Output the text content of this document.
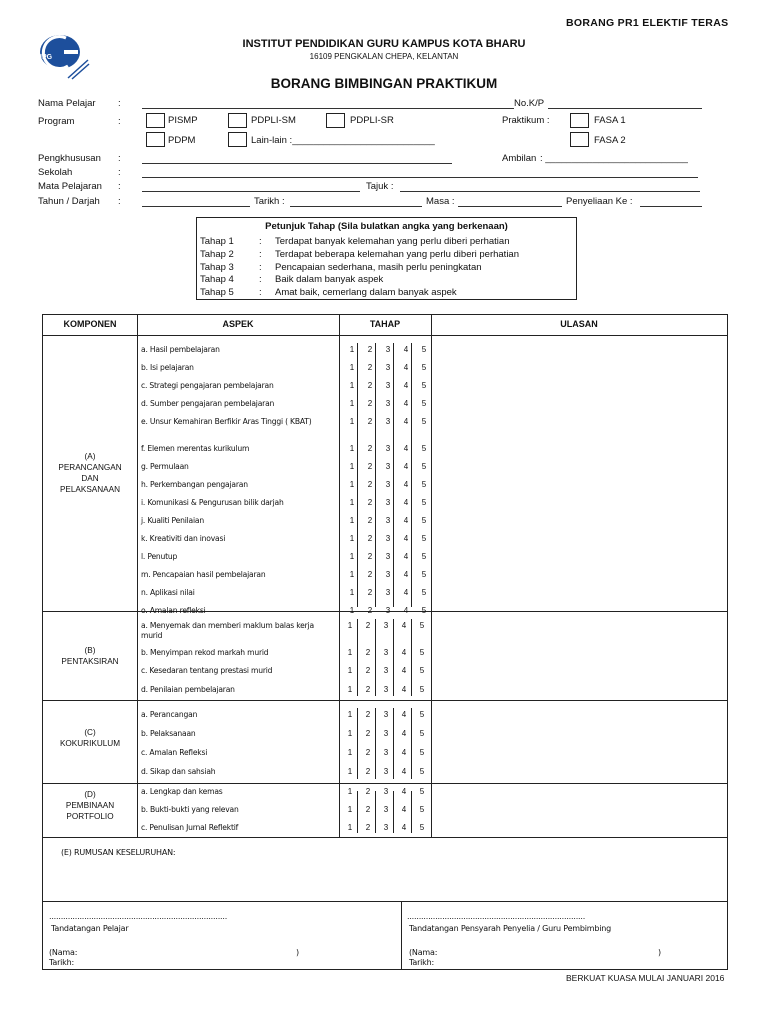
BORANG PR1 ELEKTIF TERAS
IPG
INSTITUT PENDIDIKAN GURU KAMPUS KOTA BHARU
16109 PENGKALAN CHEPA, KELANTAN
BORANG BIMBINGAN PRAKTIKUM
Nama Pelajar :	No.K/P
Program	:	PISMP	PDPLI-SM	PDPLI-SR	Praktikum :	FASA 1
PDPM	Lain-lain :___________________________	FASA 2
Pengkhususan :	Ambilan : ___________________________
Sekolah	:
Mata Pelajaran :	Tajuk :
Tahun / Darjah :	Tarikh :	Masa :	Penyeliaan Ke :
Petunjuk Tahap (Sila bulatkan angka yang berkenaan)
Tahap 1	: Terdapat banyak kelemahan yang perlu diberi perhatian
Tahap 2	: Terdapat beberapa kelemahan yang perlu diberi perhatian
Tahap 3	: Pencapaian sederhana, masih perlu peningkatan
Tahap 4	: Baik dalam banyak aspek
Tahap 5	: Amat baik, cemerlang dalam banyak aspek
KOMPONEN	ASPEK	TAHAP	ULASAN
(A)
PERANCANGAN
DAN
PELAKSANAAN
a. Hasil pembelajaran	1	2	3	4	5
b. Isi pelajaran	1	2	3	4	5
c. Strategi pengajaran pembelajaran	1	2	3	4	5
d. Sumber pengajaran pembelajaran	1	2	3	4	5
e. Unsur Kemahiran Berfikir Aras Tinggi ( KBAT)	1	2	3	4	5
f. Elemen merentas kurikulum	1	2	3	4	5
g. Permulaan	1	2	3	4	5
h. Perkembangan pengajaran	1	2	3	4	5
i. Komunikasi & Pengurusan bilik darjah	1	2	3	4	5
j. Kualiti Penilaian	1	2	3	4	5
k. Kreativiti dan inovasi	1	2	3	4	5
l. Penutup	1	2	3	4	5
m. Pencapaian hasil pembelajaran	1	2	3	4	5
n. Aplikasi nilai	1	2	3	4	5
o. Amalan refleksi	1	2	3	4	5
(B)
PENTAKSIRAN
a. Menyemak dan memberi maklum balas kerja murid
1	2	3	4	5
b. Menyimpan rekod markah murid	1	2	3	4	5
c. Kesedaran tentang prestasi murid	1	2	3	4	5
d. Penilaian pembelajaran	1	2	3	4	5
(C)
KOKURIKULUM
a. Perancangan	1	2	3	4	5
b. Pelaksanaan	1	2	3	4	5
c. Amalan Refleksi	1	2	3	4	5
d. Sikap dan sahsiah	1	2	3	4	5
(D)
PEMBINAAN
PORTFOLIO
a. Lengkap dan kemas	1	2	3	4	5
b. Bukti-bukti yang relevan	1	2	3	4	5
c. Penulisan Jurnal Reflektif	1	2	3	4	5
(E) RUMUSAN KESELURUHAN:
............................................................................
Tandatangan Pelajar
(Nama:	)
Tarikh:
............................................................................
Tandatangan Pensyarah Penyelia / Guru Pembimbing
(Nama:	)
Tarikh:
BERKUAT KUASA MULAI JANUARI 2016
